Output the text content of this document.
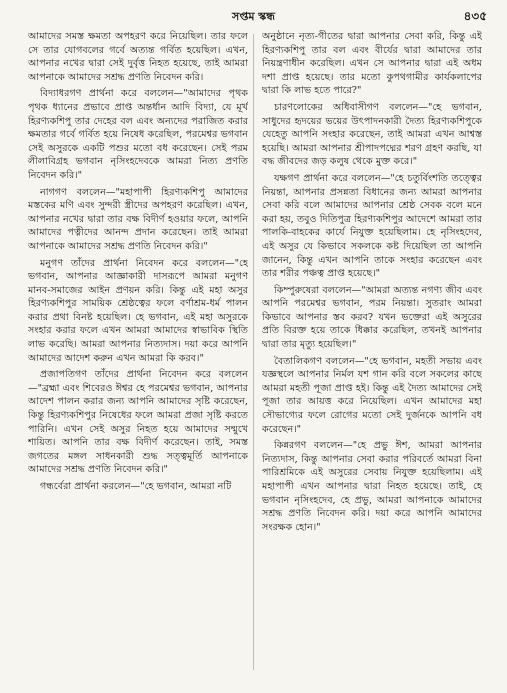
সপ্তম স্কন্ধ	৪৩৫

আমাদের সমস্ত ক্ষমতা অপহরণ করে নিয়েছিল। তার ফলে সে তার যোগবলের গর্বে অত্যন্ত গর্বিত হয়েছিল। এখন, আপনার নখের দ্বারা সেই দুর্বৃত্ত নিহত হয়েছে, তাই আমরা আপনাকে আমাদের সশ্রদ্ধ প্রণতি নিবেদন করি।

বিদ্যাধরগণ প্রার্থনা করে বললেন—"আমাদের পৃথক পৃথক ধ্যানের প্রভাবে প্রাপ্ত অন্তর্ধান আদি বিদ্যা, যে মূর্খ হিরণ্যকশিপু তার দেহের বল এবং অন্যদের পরাজিত করার ক্ষমতার গর্বে গর্বিত হয়ে নিষেধ করেছিল, পরমেশ্বর ভগবান সেই অসুরকে একটি পশুর মতো বধ করেছেন। সেই পরম লীলাবিগ্রহ ভগবান নৃসিংহদেবকে আমরা নিত্য প্রণতি নিবেদন করি।"

নাগগণ বললেন—"মহাপাপী হিরণ্যকশিপু আমাদের মস্তকের মণি এবং সুন্দরী স্ত্রীদের অপহরণ করেছিল। এখন, আপনার নখের দ্বারা তার বক্ষ বিদীর্ণ হওয়ার ফলে, আপনি আমাদের পত্নীদের আনন্দ প্রদান করেছেন। তাই আমরা আপনাকে আমাদের সশ্রদ্ধ প্রণতি নিবেদন করি।"

মনুগণ তাঁদের প্রার্থনা নিবেদন করে বললেন—"হে ভগবান, আপনার আজ্ঞাকারী দাসরূপে আমরা মনুগণ মানব-সমাজের আইন প্রণয়ন করি। কিন্তু এই মহা অসুর হিরণ্যকশিপুর সাময়িক শ্রেষ্ঠত্বের ফলে বর্ণাশ্রম-ধর্ম পালন করার প্রথা বিনষ্ট হয়েছিল। হে ভগবান, এই মহা অসুরকে সংহার করার ফলে এখন আমরা আমাদের স্বাভাবিক স্থিতি লাভ করেছি। আমরা আপনার নিত্যদাস। দয়া করে আপনি আমাদের আদেশ করুন এখন আমরা কি করব।"

প্রজাপতিগণ তাঁদের প্রার্থনা নিবেদন করে বললেন—"ব্রহ্মা এবং শিবেরও ঈশ্বর হে পরমেশ্বর ভগবান, আপনার আদেশ পালন করার জন্য আপনি আমাদের সৃষ্টি করেছেন, কিন্তু হিরণ্যকশিপুর নিষেধের ফলে আমরা প্রজা সৃষ্টি করতে পারিনি। এখন সেই অসুর নিহত হয়ে আমাদের সম্মুখে শায়িত। আপনি তার বক্ষ বিদীর্ণ করেছেন। তাই, সমস্ত জগতের মঙ্গল সাধনকারী শুদ্ধ সত্ত্বমূর্তি আপনাকে আমাদের সশ্রদ্ধ প্রণতি নিবেদন করি।"

গন্ধর্বেরা প্রার্থনা করলেন—"হে ভগবান, আমরা নটি

অনুষ্ঠানে নৃত্য-গীতের দ্বারা আপনার সেবা করি, কিন্তু এই হিরণ্যকশিপু তার বল এবং বীর্যের দ্বারা আমাদের তার নিয়ন্ত্রণাধীন করেছিল। এখন সে আপনার দ্বারা এই অধম দশা প্রাপ্ত হয়েছে। তার মতো কুপথগামীর কার্যকলাপের দ্বারা কি লাভ হতে পারে?"

চারণলোকের অধিবাসীগণ বললেন—"হে ভগবান, সাধুদের হৃদয়ের ভয়ের উৎপাদনকারী দৈত্য হিরণ্যকশিপুকে যেহেতু আপনি সংহার করেছেন, তাই আমরা এখন আশ্বস্ত হয়েছি। আমরা আপনার শ্রীপাদপদ্মের শরণ গ্রহণ করছি, যা বদ্ধ জীবদের জড় কলুষ থেকে মুক্ত করে।"

যক্ষগণ প্রার্থনা করে বললেন—"হে চতুর্বিংশতি তত্ত্বের নিয়ন্তা, আপনার প্রসন্নতা বিধানের জন্য আমরা আপনার সেবা করি বলে আমাদের আপনার শ্রেষ্ঠ সেবক বলে মনে করা হয়, তবুও দিতিপুত্র হিরণ্যকশিপুর আদেশে আমরা তার পালকি-বাহকের কার্যে নিযুক্ত হয়েছিলাম। হে নৃসিংহদেব, এই অসুর যে কিভাবে সকলকে কষ্ট দিয়েছিল তা আপনি জানেন, কিন্তু এখন আপনি তাকে সংহার করেছেন এবং তার শরীর পঞ্চত্ব প্রাপ্ত হয়েছে।"

কিম্পুরুষেরা বললেন—"আমরা অত্যন্ত নগণ্য জীব এবং আপনি পরমেশ্বর ভগবান, পরম নিয়ন্তা। সুতরাং আমরা কিভাবে আপনার স্তব করব? যখন ভক্তেরা এই অসুরের প্রতি বিরক্ত হয়ে তাকে ধিক্কার করেছিল, তখনই আপনার দ্বারা তার মৃত্যু হয়েছিল।"

বৈতালিকগণ বললেন—"হে ভগবান, মহতী সভায় এবং যজ্ঞস্থলে আপনার নির্মল যশ গান করি বলে সকলের কাছে আমরা মহতী পূজা প্রাপ্ত হই। কিন্তু এই দৈত্য আমাদের সেই পূজা তার আয়ত্ত করে নিয়েছিল। এখন আমাদের মহা সৌভাগ্যের ফলে রোগের মতো সেই দুর্জনকে আপনি বধ করেছেন।"

কিন্নরগণ বললেন—"হে প্রভু ঈশ, আমরা আপনার নিত্যদাস, কিন্তু আপনার সেবা করার পরিবর্তে আমরা বিনা পারিশ্রমিকে এই অসুরের সেবায় নিযুক্ত হয়েছিলাম। এই মহাপাপী এখন আপনার দ্বারা নিহত হয়েছে। তাই, হে ভগবান নৃসিংহদেব, হে প্রভু, আমরা আপনাকে আমাদের সশ্রদ্ধ প্রণতি নিবেদন করি। দয়া করে আপনি আমাদের সংরক্ষক হোন।"
